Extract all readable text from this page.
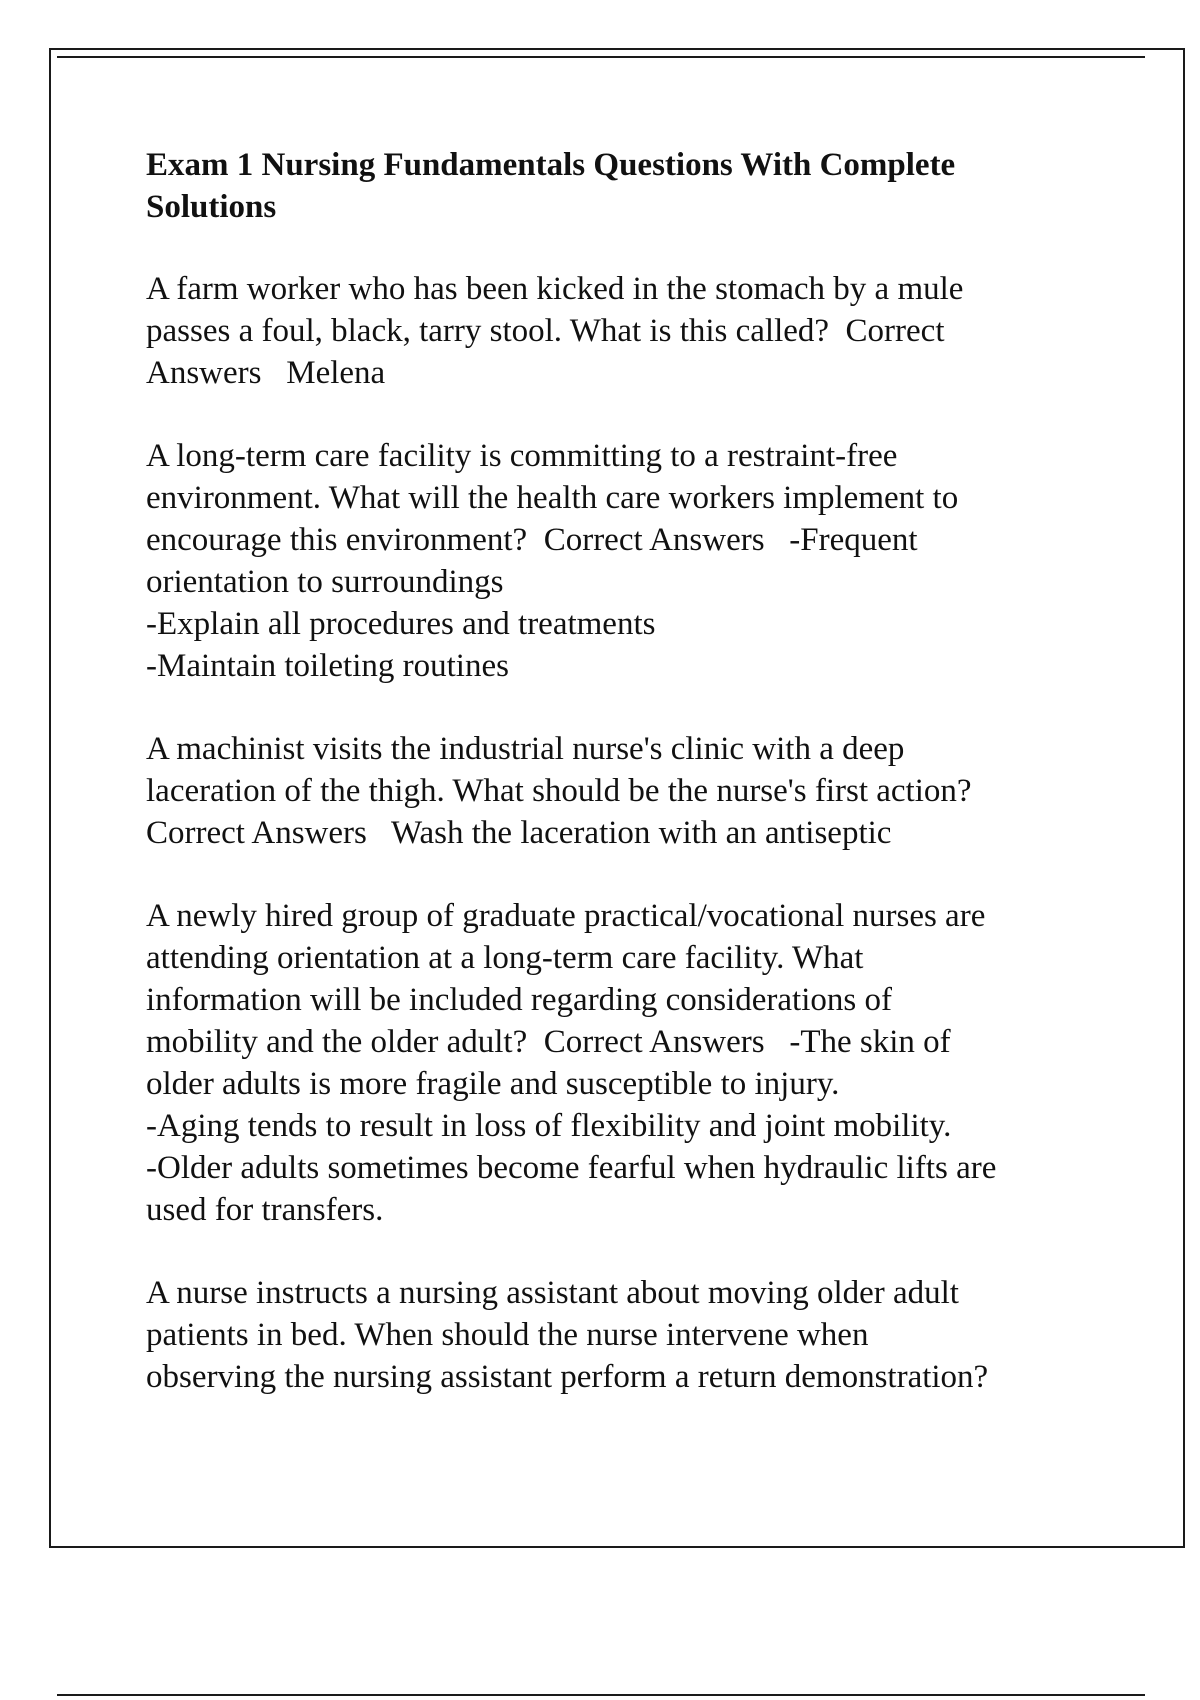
Exam 1 Nursing Fundamentals Questions With Complete
Solutions
A farm worker who has been kicked in the stomach by a mule
passes a foul, black, tarry stool. What is this called?  Correct
Answers   Melena
A long-term care facility is committing to a restraint-free
environment. What will the health care workers implement to
encourage this environment?  Correct Answers   -Frequent
orientation to surroundings
-Explain all procedures and treatments
-Maintain toileting routines
A machinist visits the industrial nurse's clinic with a deep
laceration of the thigh. What should be the nurse's first action?
Correct Answers   Wash the laceration with an antiseptic
A newly hired group of graduate practical/vocational nurses are
attending orientation at a long-term care facility. What
information will be included regarding considerations of
mobility and the older adult?  Correct Answers   -The skin of
older adults is more fragile and susceptible to injury.
-Aging tends to result in loss of flexibility and joint mobility.
-Older adults sometimes become fearful when hydraulic lifts are
used for transfers.
A nurse instructs a nursing assistant about moving older adult
patients in bed. When should the nurse intervene when
observing the nursing assistant perform a return demonstration?
